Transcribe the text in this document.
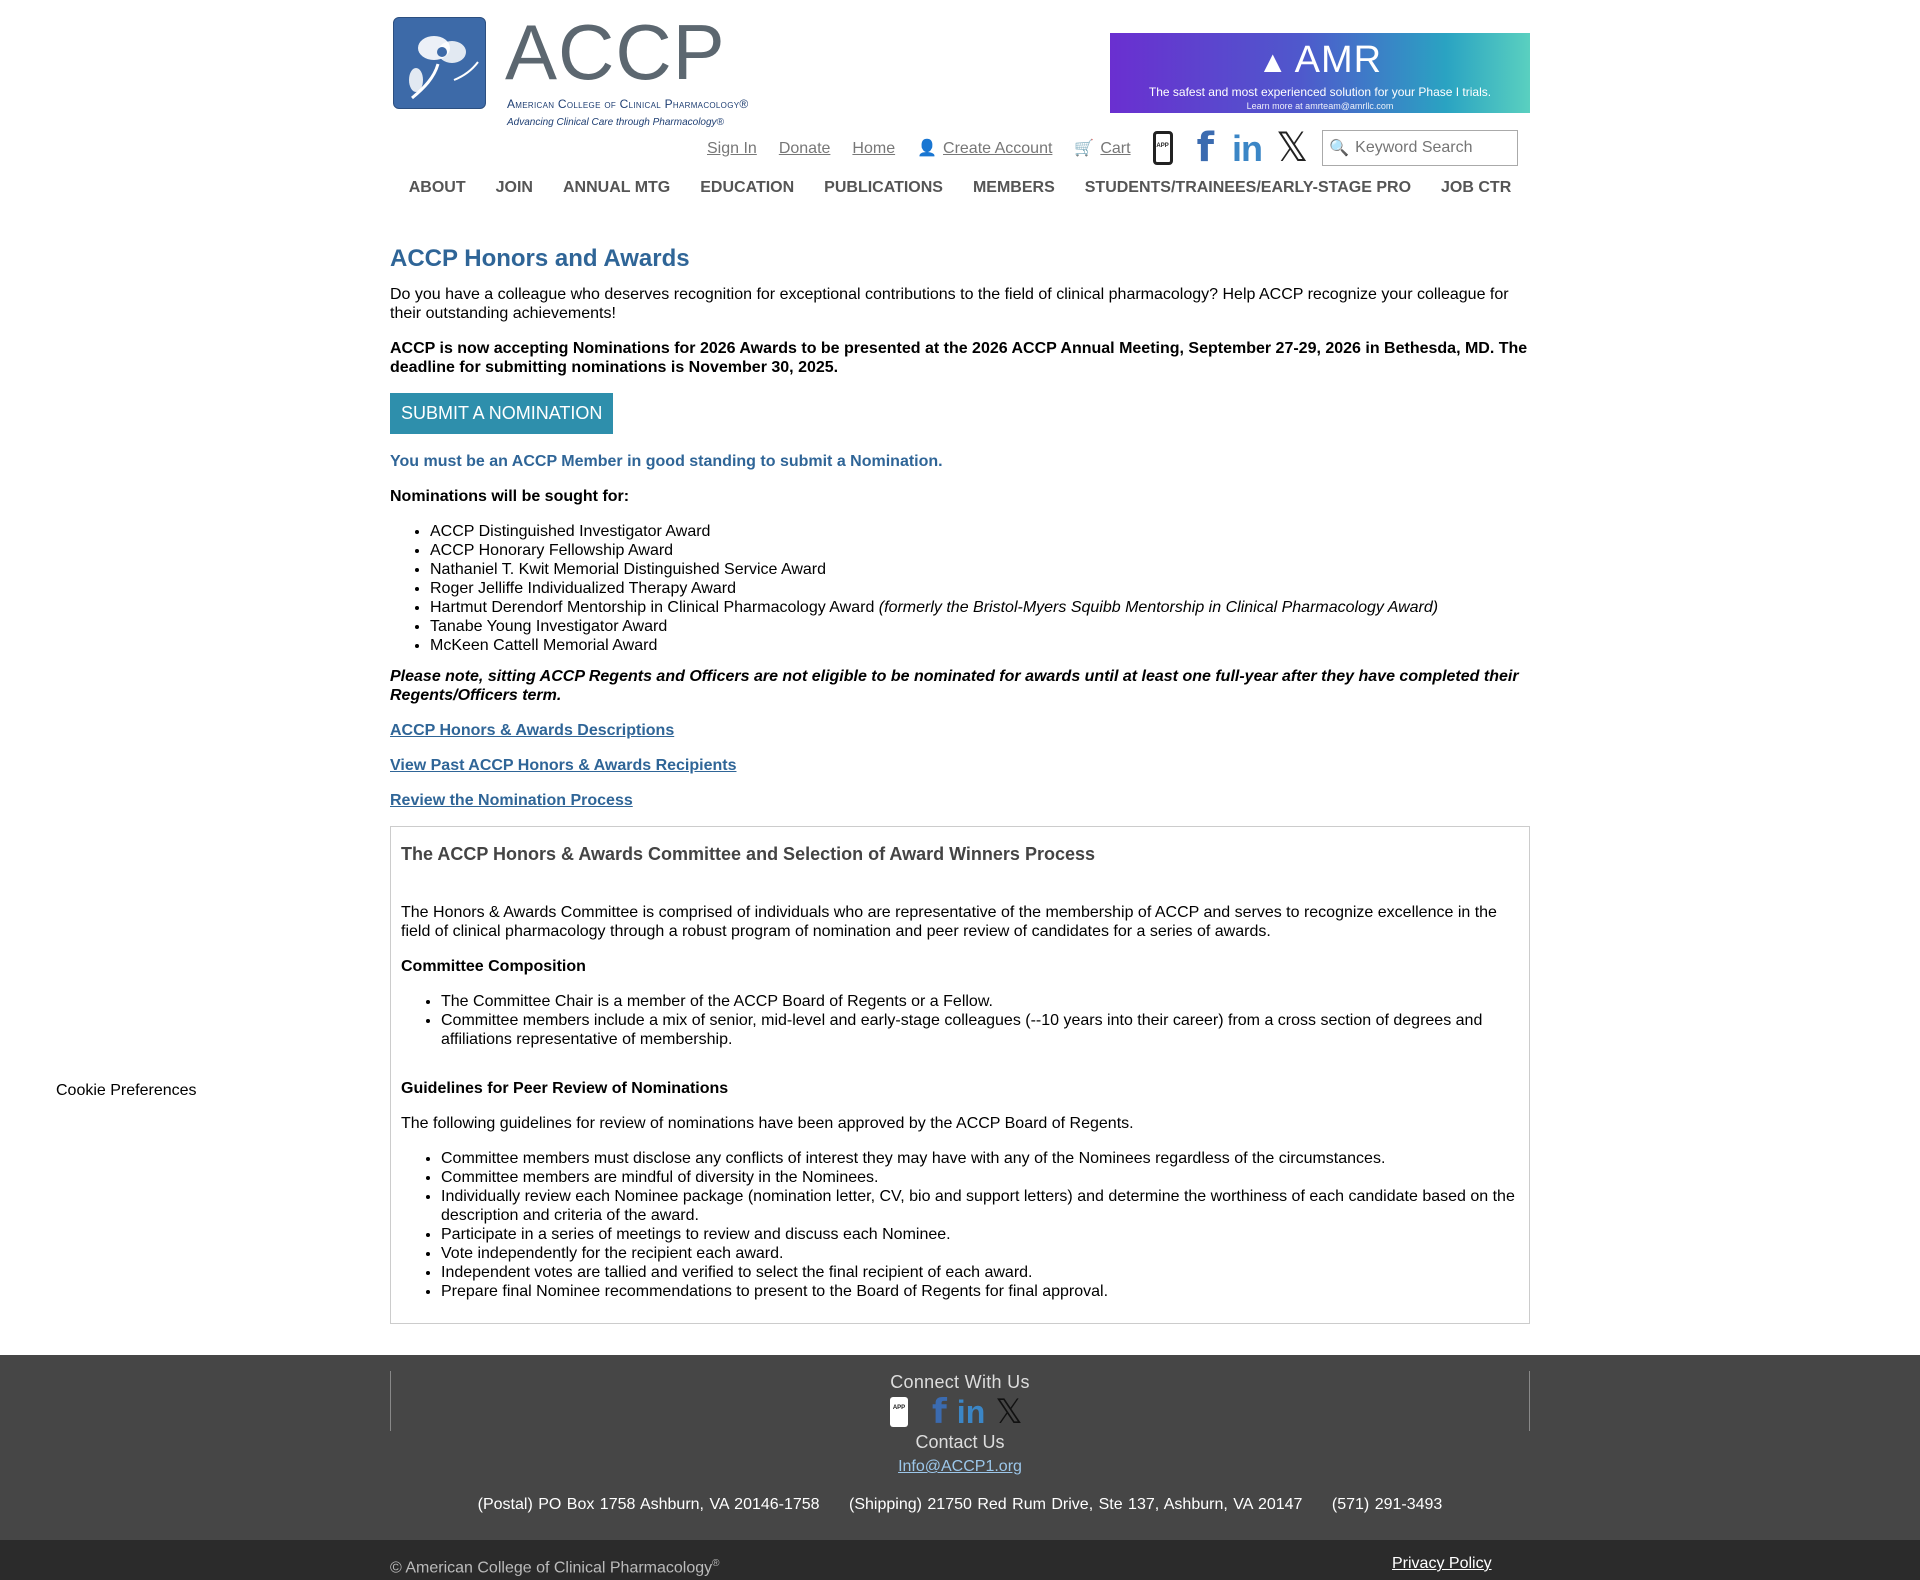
ACCP
American College of Clinical Pharmacology®
Advancing Clinical Care through Pharmacology®
▲ AMR
The safest and most experienced solution for your Phase I trials.
Learn more at amrteam@amrllc.com
Sign In Donate Home 👤 Create Account 🛒 Cart	APP f in 𝕏 🔍
Keyword Search
ABOUT JOIN ANNUAL MTG EDUCATION PUBLICATIONS MEMBERS STUDENTS/TRAINEES/EARLY-STAGE PRO JOB CTR
ACCP Honors and Awards

Do you have a colleague who deserves recognition for exceptional contributions to the field of clinical pharmacology? Help ACCP recognize your colleague for their outstanding achievements!

ACCP is now accepting Nominations for 2026 Awards to be presented at the 2026 ACCP Annual Meeting, September 27-29, 2026 in Bethesda, MD. The deadline for submitting nominations is November 30, 2025.

SUBMIT A NOMINATION

You must be an ACCP Member in good standing to submit a Nomination.

Nominations will be sought for:

• ACCP Distinguished Investigator Award
• ACCP Honorary Fellowship Award
• Nathaniel T. Kwit Memorial Distinguished Service Award
• Roger Jelliffe Individualized Therapy Award
• Hartmut Derendorf Mentorship in Clinical Pharmacology Award (formerly the Bristol-Myers Squibb Mentorship in Clinical Pharmacology Award)
• Tanabe Young Investigator Award
• McKeen Cattell Memorial Award

Please note, sitting ACCP Regents and Officers are not eligible to be nominated for awards until at least one full-year after they have completed their Regents/Officers term.

ACCP Honors & Awards Descriptions
View Past ACCP Honors & Awards Recipients
Review the Nomination Process
The ACCP Honors & Awards Committee and Selection of Award Winners Process

The Honors & Awards Committee is comprised of individuals who are representative of the membership of ACCP and serves to recognize excellence in the field of clinical pharmacology through a robust program of nomination and peer review of candidates for a series of awards.

Committee Composition
• The Committee Chair is a member of the ACCP Board of Regents or a Fellow.
• Committee members include a mix of senior, mid-level and early-stage colleagues (--10 years into their career) from a cross section of degrees and affiliations representative of membership.
Guidelines for Peer Review of Nominations

The following guidelines for review of nominations have been approved by the ACCP Board of Regents.

• Committee members must disclose any conflicts of interest they may have with any of the Nominees regardless of the circumstances.
• Committee members are mindful of diversity in the Nominees.
• Individually review each Nominee package (nomination letter, CV, bio and support letters) and determine the worthiness of each candidate based on the description and criteria of the award.
• Participate in a series of meetings to review and discuss each Nominee.
• Vote independently for the recipient each award.
• Independent votes are tallied and verified to select the final recipient of each award.
• Prepare final Nominee recommendations to present to the Board of Regents for final approval.
Cookie Preferences
Connect With Us
APP f in 𝕏
Contact Us
Info@ACCP1.org
(Postal) PO Box 1758 Ashburn, VA 20146-1758 (Shipping) 21750 Red Rum Drive, Ste 137, Ashburn, VA 20147 (571) 291-3493
© American College of Clinical Pharmacology®	Privacy Policy
